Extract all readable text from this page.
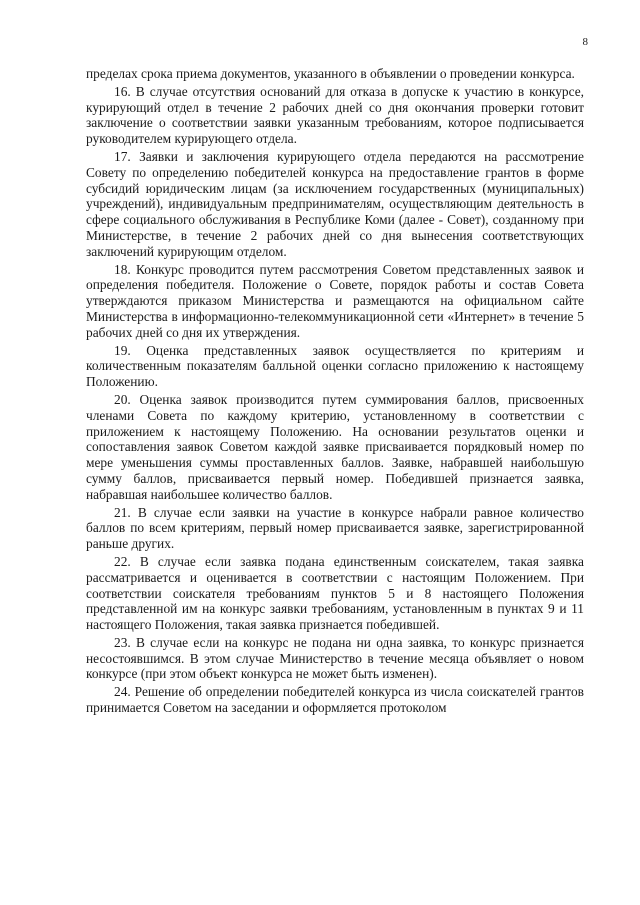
8

пределах срока приема документов, указанного в объявлении о проведении конкурса.

16. В случае отсутствия оснований для отказа в допуске к участию в конкурсе, курирующий отдел в течение 2 рабочих дней со дня окончания проверки готовит заключение о соответствии заявки указанным требованиям, которое подписывается руководителем курирующего отдела.

17. Заявки и заключения курирующего отдела передаются на рассмотрение Совету по определению победителей конкурса на предоставление грантов в форме субсидий юридическим лицам (за исключением государственных (муниципальных) учреждений), индивидуальным предпринимателям, осуществляющим деятельность в сфере социального обслуживания в Республике Коми (далее - Совет), созданному при Министерстве, в течение 2 рабочих дней со дня вынесения соответствующих заключений курирующим отделом.

18. Конкурс проводится путем рассмотрения Советом представленных заявок и определения победителя. Положение о Совете, порядок работы и состав Совета утверждаются приказом Министерства и размещаются на официальном сайте Министерства в информационно-телекоммуникационной сети «Интернет» в течение 5 рабочих дней со дня их утверждения.

19. Оценка представленных заявок осуществляется по критериям и количественным показателям балльной оценки согласно приложению к настоящему Положению.

20. Оценка заявок производится путем суммирования баллов, присвоенных членами Совета по каждому критерию, установленному в соответствии с приложением к настоящему Положению. На основании результатов оценки и сопоставления заявок Советом каждой заявке присваивается порядковый номер по мере уменьшения суммы проставленных баллов. Заявке, набравшей наибольшую сумму баллов, присваивается первый номер. Победившей признается заявка, набравшая наибольшее количество баллов.

21. В случае если заявки на участие в конкурсе набрали равное количество баллов по всем критериям, первый номер присваивается заявке, зарегистрированной раньше других.

22. В случае если заявка подана единственным соискателем, такая заявка рассматривается и оценивается в соответствии с настоящим Положением. При соответствии соискателя требованиям пунктов 5 и 8 настоящего Положения представленной им на конкурс заявки требованиям, установленным в пунктах 9 и 11 настоящего Положения, такая заявка признается победившей.

23. В случае если на конкурс не подана ни одна заявка, то конкурс признается несостоявшимся. В этом случае Министерство в течение месяца объявляет о новом конкурсе (при этом объект конкурса не может быть изменен).

24. Решение об определении победителей конкурса из числа соискателей грантов принимается Советом на заседании и оформляется протоколом
